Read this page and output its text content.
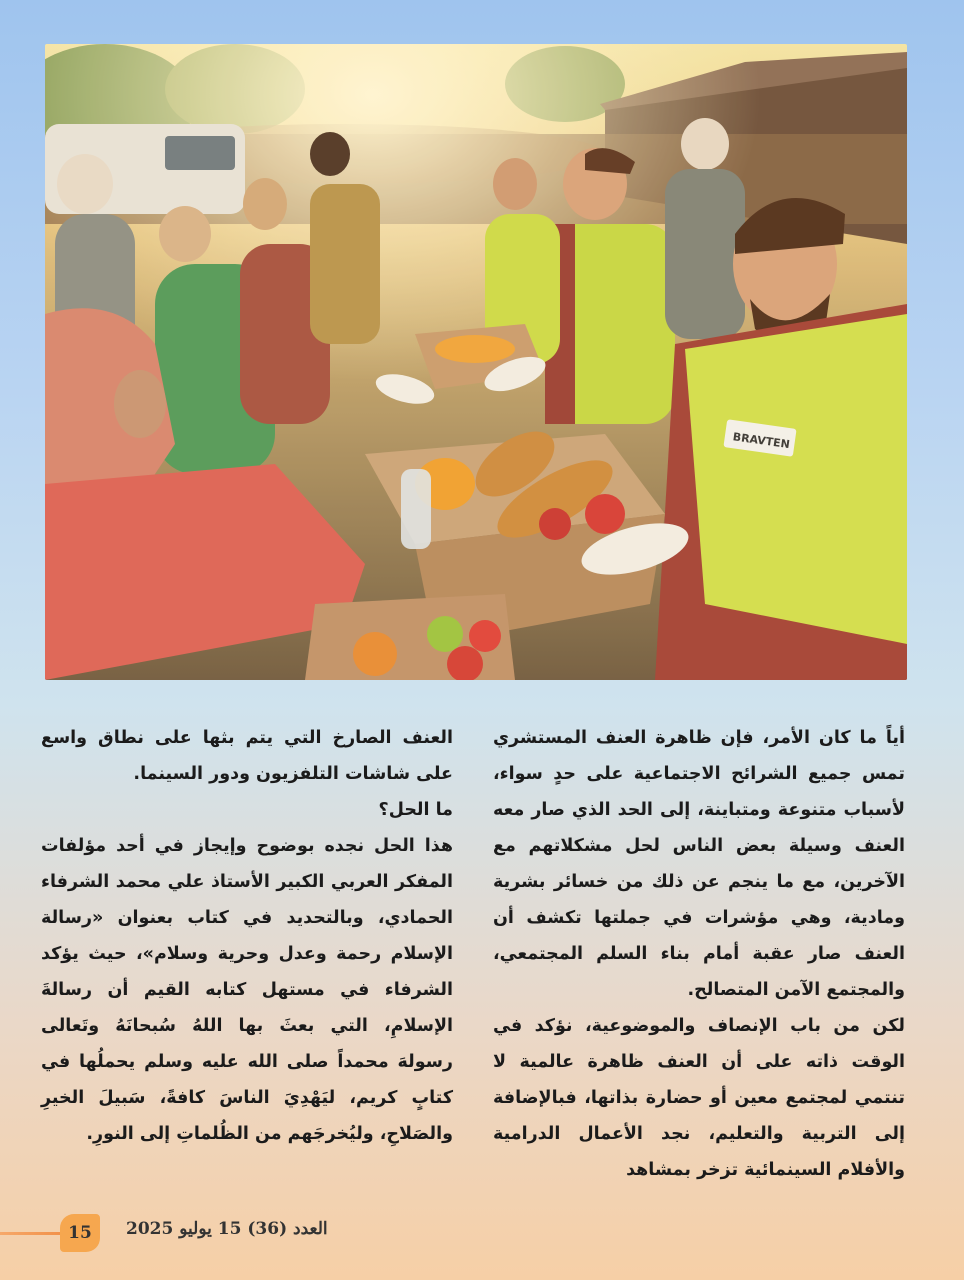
BRAVTEN

أياً ما كان الأمر، فإن ظاهرة العنف المستشري تمس جميع الشرائح الاجتماعية على حدٍ سواء، لأسباب متنوعة ومتباينة، إلى الحد الذي صار معه العنف وسيلة بعض الناس لحل مشكلاتهم مع الآخرين، مع ما ينجم عن ذلك من خسائر بشرية ومادية، وهي مؤشرات في جملتها تكشف أن العنف صار عقبة أمام بناء السلم المجتمعي، والمجتمع الآمن المتصالح.

لكن من باب الإنصاف والموضوعية، نؤكد في الوقت ذاته على أن العنف ظاهرة عالمية لا تنتمي لمجتمع معين أو حضارة بذاتها، فبالإضافة إلى التربية والتعليم، نجد الأعمال الدرامية والأفلام السينمائية تزخر بمشاهد

العنف الصارخ التي يتم بثها على نطاق واسع على شاشات التلفزيون ودور السينما.

ما الحل؟

هذا الحل نجده بوضوح وإيجاز في أحد مؤلفات المفكر العربي الكبير الأستاذ علي محمد الشرفاء الحمادي، وبالتحديد في كتاب بعنوان «رسالة الإسلام رحمة وعدل وحرية وسلام»، حيث يؤكد الشرفاء في مستهل كتابه القيم أن رسالةَ الإسلامِ، التي بعثَ بها اللهُ سُبحانَهُ وتَعالى رسولهَ محمداً صلى الله عليه وسلم يحملُها في كتابٍ كريم، ليَهْدِيَ الناسَ كافةً، سَبيلَ الخيرِ والصَلاحِ، وليُخرجَهم من الظُلماتِ إلى النورِ.

15 العدد (36) 15 يوليو 2025
